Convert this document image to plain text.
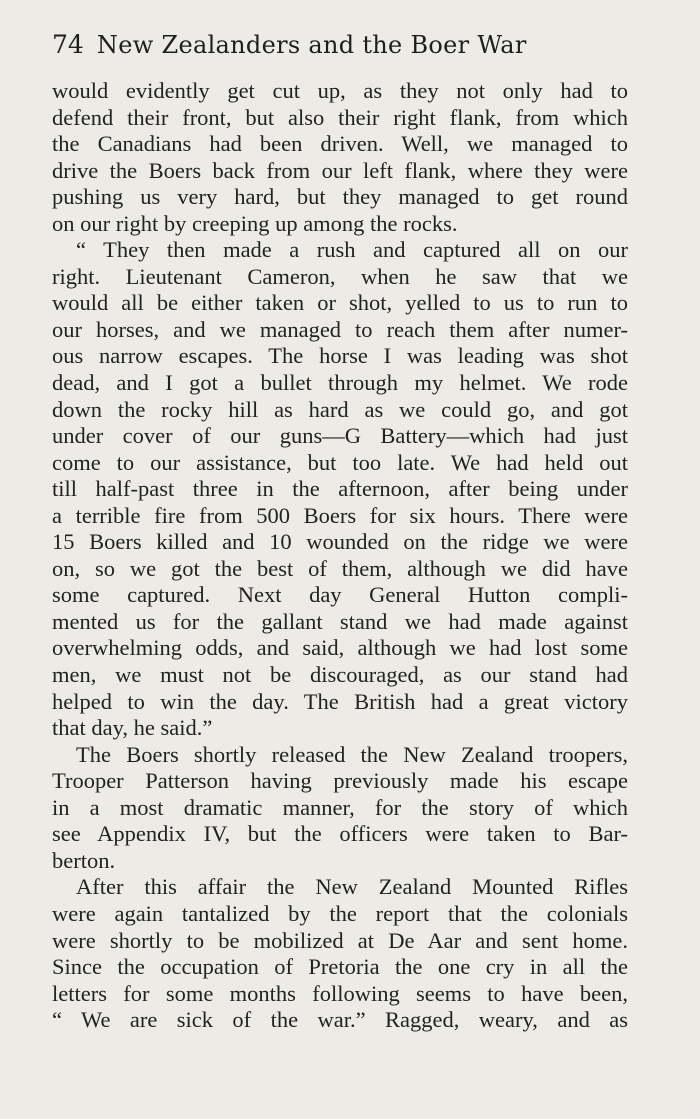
74 New Zealanders and the Boer War
would evidently get cut up, as they not only had to
defend their front, but also their right flank, from which
the Canadians had been driven. Well, we managed to
drive the Boers back from our left flank, where they were
pushing us very hard, but they managed to get round
on our right by creeping up among the rocks.
“ They then made a rush and captured all on our
right. Lieutenant Cameron, when he saw that we
would all be either taken or shot, yelled to us to run to
our horses, and we managed to reach them after numer-
ous narrow escapes. The horse I was leading was shot
dead, and I got a bullet through my helmet. We rode
down the rocky hill as hard as we could go, and got
under cover of our guns—G Battery—which had just
come to our assistance, but too late. We had held out
till half-past three in the afternoon, after being under
a terrible fire from 500 Boers for six hours. There were
15 Boers killed and 10 wounded on the ridge we were
on, so we got the best of them, although we did have
some captured. Next day General Hutton compli-
mented us for the gallant stand we had made against
overwhelming odds, and said, although we had lost some
men, we must not be discouraged, as our stand had
helped to win the day. The British had a great victory
that day, he said.”
The Boers shortly released the New Zealand troopers,
Trooper Patterson having previously made his escape
in a most dramatic manner, for the story of which
see Appendix IV, but the officers were taken to Bar-
berton.
After this affair the New Zealand Mounted Rifles
were again tantalized by the report that the colonials
were shortly to be mobilized at De Aar and sent home.
Since the occupation of Pretoria the one cry in all the
letters for some months following seems to have been,
“ We are sick of the war.” Ragged, weary, and as
